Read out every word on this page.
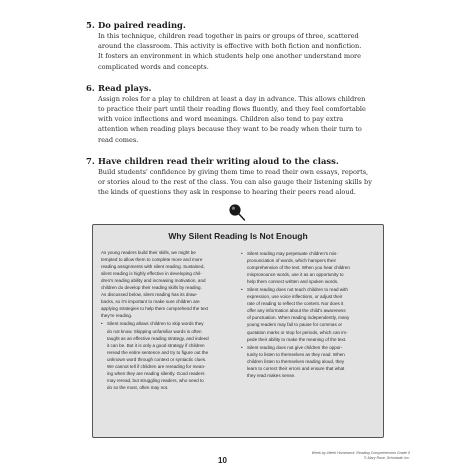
5. Do paired reading.
In this technique, children read together in pairs or groups of three, scattered
around the classroom. This activity is effective with both fiction and nonfiction.
It fosters an environment in which students help one another understand more
complicated words and concepts.
6. Read plays.
Assign roles for a play to children at least a day in advance. This allows children
to practice their part until their reading flows fluently, and they feel comfortable
with voice inflections and word meanings. Children also tend to pay extra
attention when reading plays because they want to be ready when their turn to
read comes.
7. Have children read their writing aloud to the class.
Build students' confidence by giving them time to read their own essays, reports,
or stories aloud to the rest of the class. You can also gauge their listening skills by
the kinds of questions they ask in response to hearing their peers read aloud.
Why Silent Reading Is Not Enough

As young readers build their skills, we might be
tempted to allow them to complete more and more
reading assignments with silent reading. Sustained,
silent reading is highly effective in developing chil-
dren's reading ability and increasing motivation, and
children do develop their reading skills by reading.
As discussed below, silent reading has its draw-
backs, so it's important to make sure children are
applying strategies to help them comprehend the text
they're reading.

• Silent reading allows children to skip words they
do not know. Skipping unfamiliar words is often
taught as an effective reading strategy, and indeed
it can be. But it is only a good strategy if children
reread the entire sentence and try to figure out the
unknown word through context or syntactic clues.
We cannot tell if children are rereading for mean-
ing when they are reading silently. Good readers
may reread, but struggling readers, who need to
do so the most, often may not.
• Silent reading may perpetuate children's mis-
pronunciation of words, which hampers their
comprehension of the text. When you hear children
mispronounce words, use it as an opportunity to
help them connect written and spoken words.
• Silent reading does not teach children to read with
expression, use voice inflections, or adjust their
rate of reading to reflect the content. Nor does it
offer any information about the child's awareness
of punctuation. When reading independently, many
young readers may fail to pause for commas or
quotation marks or stop for periods, which can im-
pede their ability to make the meaning of the text.
• Silent reading does not give children the oppor-
tunity to listen to themselves as they read. When
children listen to themselves reading aloud, they
learn to correct their errors and ensure that what
they read makes sense.
10
Week-by-Week Homework: Reading Comprehension Grade 5
© Mary Rose, Scholastic Inc.
